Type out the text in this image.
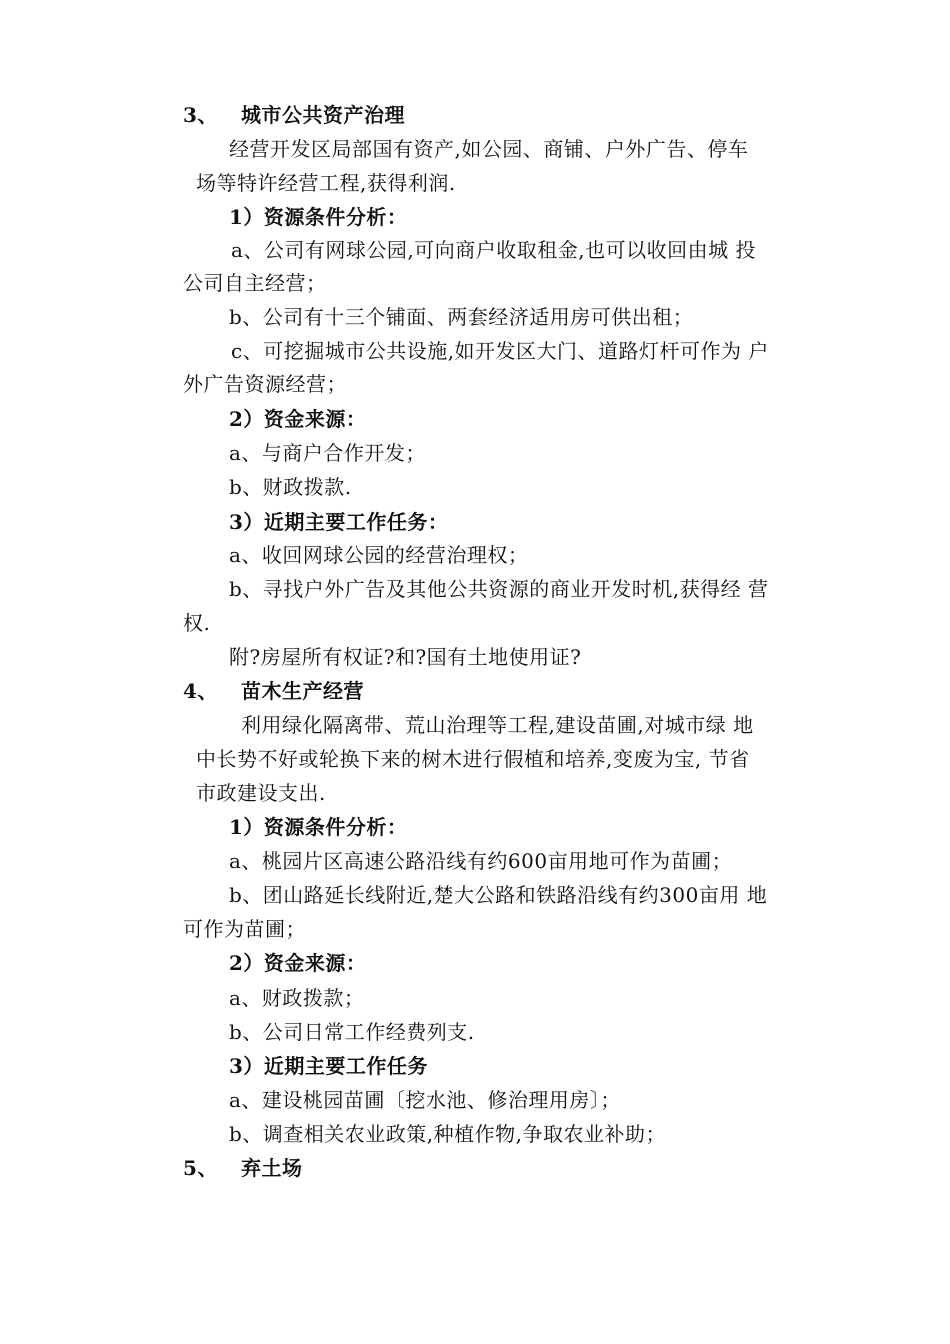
3、 城市公共资产治理
经营开发区局部国有资产,如公园、商铺、户外广告、停车
场等特许经营工程,获得利润.
1）资源条件分析：
a、公司有网球公园,可向商户收取租金,也可以收回由城 投
公司自主经营；
b、公司有十三个铺面、两套经济适用房可供出租；
c、可挖掘城市公共设施,如开发区大门、道路灯杆可作为 户
外广告资源经营；
2）资金来源：
a、与商户合作开发；
b、财政拨款.
3）近期主要工作任务：
a、收回网球公园的经营治理权；
b、寻找户外广告及其他公共资源的商业开发时机,获得经 营
权.
附?房屋所有权证?和?国有土地使用证?
4、 苗木生产经营
利用绿化隔离带、荒山治理等工程,建设苗圃,对城市绿 地
中长势不好或轮换下来的树木进行假植和培养,变废为宝, 节省
市政建设支出.
1）资源条件分析：
a、桃园片区高速公路沿线有约600亩用地可作为苗圃；
b、团山路延长线附近,楚大公路和铁路沿线有约300亩用 地
可作为苗圃；
2）资金来源：
a、财政拨款；
b、公司日常工作经费列支.
3）近期主要工作任务
a、建设桃园苗圃〔挖水池、修治理用房〕；
b、调查相关农业政策,种植作物,争取农业补助；
5、 弃土场
